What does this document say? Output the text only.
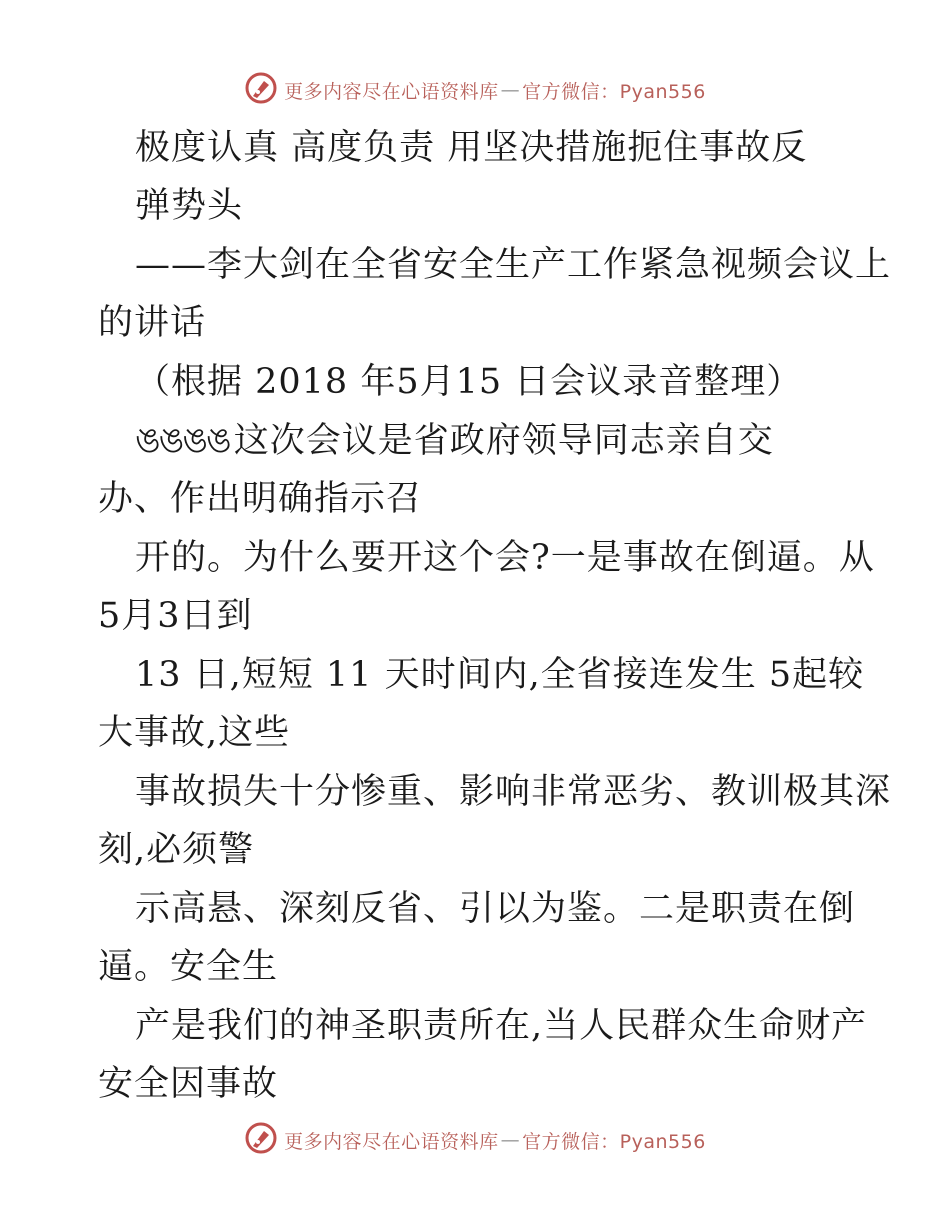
更多内容尽在心语资料库 — 官方微信：Pyan556
极度认真 高度负责 用坚决措施扼住事故反
弹势头
——李大剑在全省安全生产工作紧急视频会议上
的讲话
（根据 2018 年5月15 日会议录音整理）
ঙঙঙঙ 这次会议是省政府领导同志亲自交
办、作出明确指示召
开的。为什么要开这个会?一是事故在倒逼。从
5月3日到
13 日,短短 11 天时间内,全省接连发生 5起较
大事故,这些
事故损失十分惨重、影响非常恶劣、教训极其深
刻,必须警
示高悬、深刻反省、引以为鉴。二是职责在倒
逼。安全生
产是我们的神圣职责所在,当人民群众生命财产
安全因事故
更多内容尽在心语资料库 — 官方微信：Pyan556
